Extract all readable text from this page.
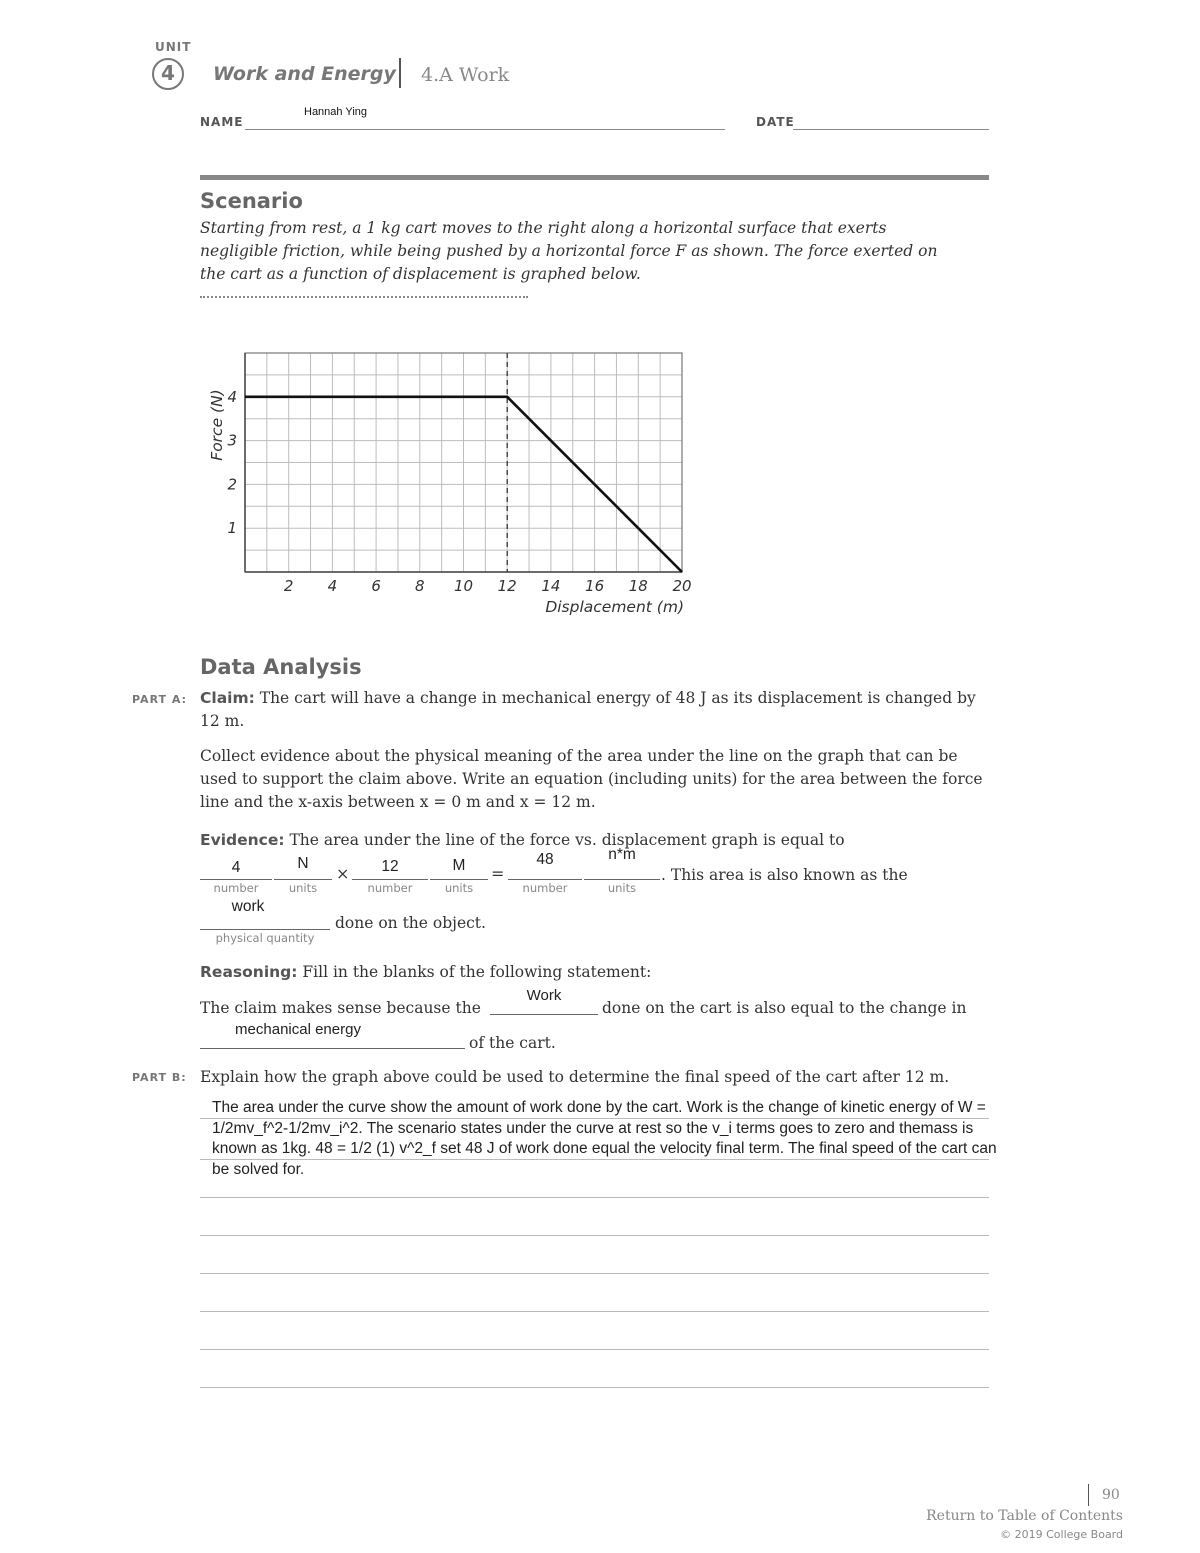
UNIT
4	Work and Energy 4.A Work
NAME
Hannah Ying
DATE
Scenario
Starting from rest, a 1 kg cart moves to the right along a horizontal surface that exerts negligible friction, while being pushed by a horizontal force F as shown. The force exerted on the cart as a function of displacement is graphed below.
2 4 6 8 10 12 14 16 18 20
1
2
3
4
Displacement (m)
Force (N)
Data Analysis
PART A: Claim: The cart will have a change in mechanical energy of 48 J as its displacement is changed by 12 m.
Collect evidence about the physical meaning of the area under the line on the graph that can be used to support the claim above. Write an equation (including units) for the area between the force line and the x-axis between x = 0 m and x = 12 m.
Evidence: The area under the line of the force vs. displacement graph is equal to
4
number
N
units
×	12
number
M
units
=
48
number
n*m
units
. This area is also known as the
work
physical quantity
done on the object.
Reasoning: Fill in the blanks of the following statement:
The claim makes sense because the
Work
done on the cart is also equal to the change in
mechanical energy
of the cart.
PART B: Explain how the graph above could be used to determine the final speed of the cart after 12 m.
The area under the curve show the amount of work done by the cart. Work is the change of kinetic energy of W = 1/2mv_f^2-1/2mv_i^2. The scenario states under the curve at rest so the v_i terms goes to zero and themass is known as 1kg. 48 = 1/2 (1) v^2_f set 48 J of work done equal the velocity final term. The final speed of the cart can be solved for.
90
Return to Table of Contents
© 2019 College Board
